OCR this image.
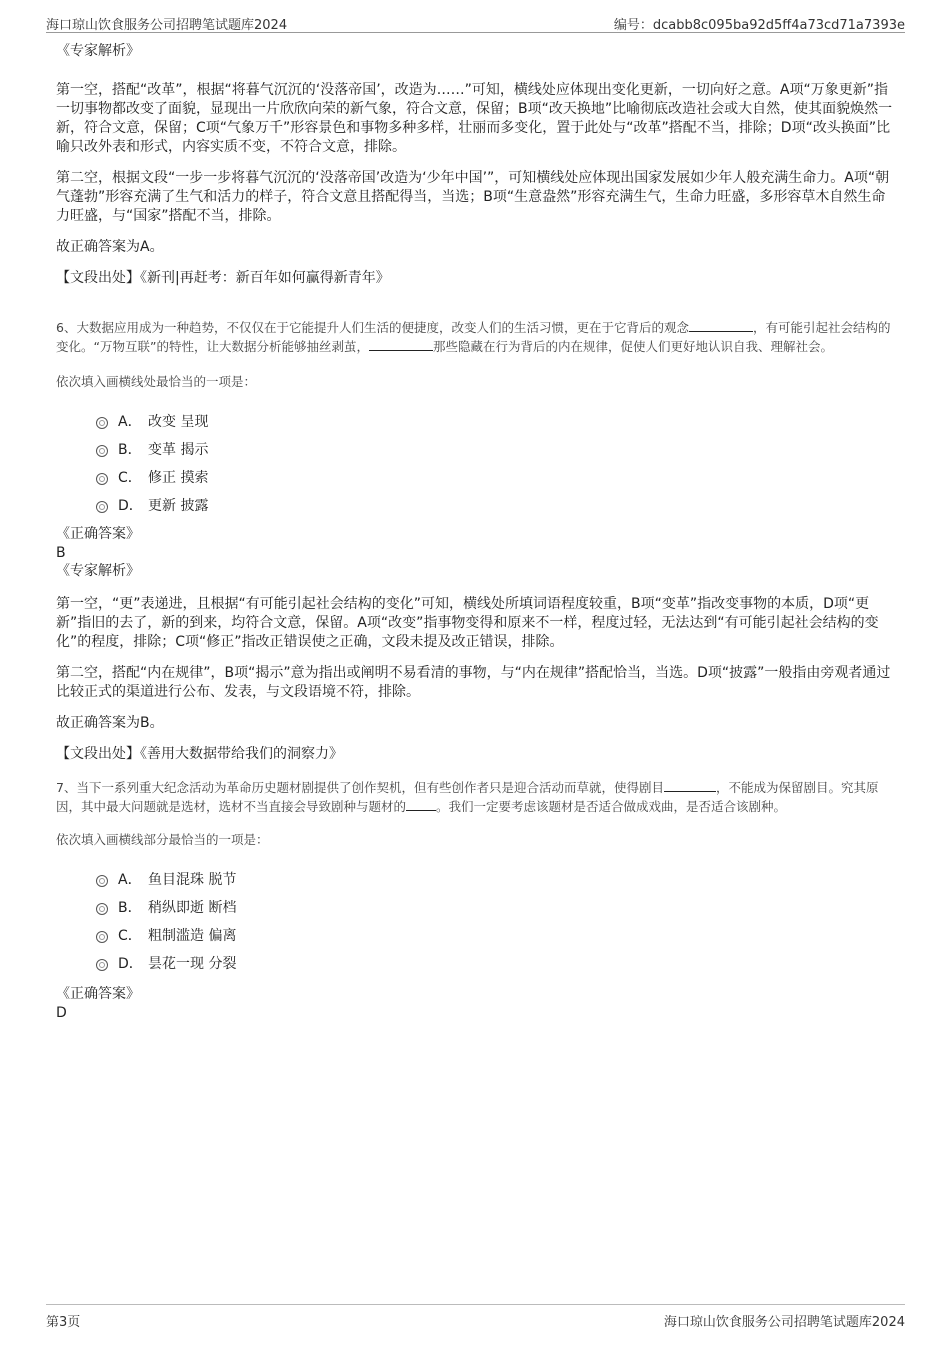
海口琼山饮食服务公司招聘笔试题库2024	编号：dcabb8c095ba92d5ff4a73cd71a7393e

《专家解析》

第一空，搭配“改革”，根据“将暮气沉沉的‘没落帝国’，改造为……”可知，横线处应体现出变化更新，一切向好之意。A项“万象更新”指一切事物都改变了面貌，显现出一片欣欣向荣的新气象，符合文意，保留；B项“改天换地”比喻彻底改造社会或大自然，使其面貌焕然一新，符合文意，保留；C项“气象万千”形容景色和事物多种多样，壮丽而多变化，置于此处与“改革”搭配不当，排除；D项“改头换面”比喻只改外表和形式，内容实质不变，不符合文意，排除。

第二空，根据文段“一步一步将暮气沉沉的‘没落帝国’改造为‘少年中国’”，可知横线处应体现出国家发展如少年人般充满生命力。A项“朝气蓬勃”形容充满了生气和活力的样子，符合文意且搭配得当，当选；B项“生意盎然”形容充满生气，生命力旺盛，多形容草木自然生命力旺盛，与“国家”搭配不当，排除。

故正确答案为A。

【文段出处】《新刊|再赶考：新百年如何赢得新青年》

6、大数据应用成为一种趋势，不仅仅在于它能提升人们生活的便捷度，改变人们的生活习惯，更在于它背后的观念	，有可能引起社会结构的变化。“万物互联”的特性，让大数据分析能够抽丝剥茧，	那些隐藏在行为背后的内在规律，促使人们更好地认识自我、理解社会。

依次填入画横线处最恰当的一项是：

A． 改变 呈现
B． 变革 揭示
C． 修正 摸索
D． 更新 披露

《正确答案》

B

《专家解析》

第一空，“更”表递进，且根据“有可能引起社会结构的变化”可知，横线处所填词语程度较重，B项“变革”指改变事物的本质，D项“更新”指旧的去了，新的到来，均符合文意，保留。A项“改变”指事物变得和原来不一样，程度过轻，无法达到“有可能引起社会结构的变化”的程度，排除；C项“修正”指改正错误使之正确，文段未提及改正错误，排除。

第二空，搭配“内在规律”，B项“揭示”意为指出或阐明不易看清的事物，与“内在规律”搭配恰当，当选。D项“披露”一般指由旁观者通过比较正式的渠道进行公布、发表，与文段语境不符，排除。

故正确答案为B。

【文段出处】《善用大数据带给我们的洞察力》

7、当下一系列重大纪念活动为革命历史题材剧提供了创作契机，但有些创作者只是迎合活动而草就，使得剧目	，不能成为保留剧目。究其原因，其中最大问题就是选材，选材不当直接会导致剧种与题材的 。我们一定要考虑该题材是否适合做成戏曲，是否适合该剧种。

依次填入画横线部分最恰当的一项是：

A． 鱼目混珠 脱节
B． 稍纵即逝 断档
C． 粗制滥造 偏离
D． 昙花一现 分裂

《正确答案》

D

第3页	海口琼山饮食服务公司招聘笔试题库2024
